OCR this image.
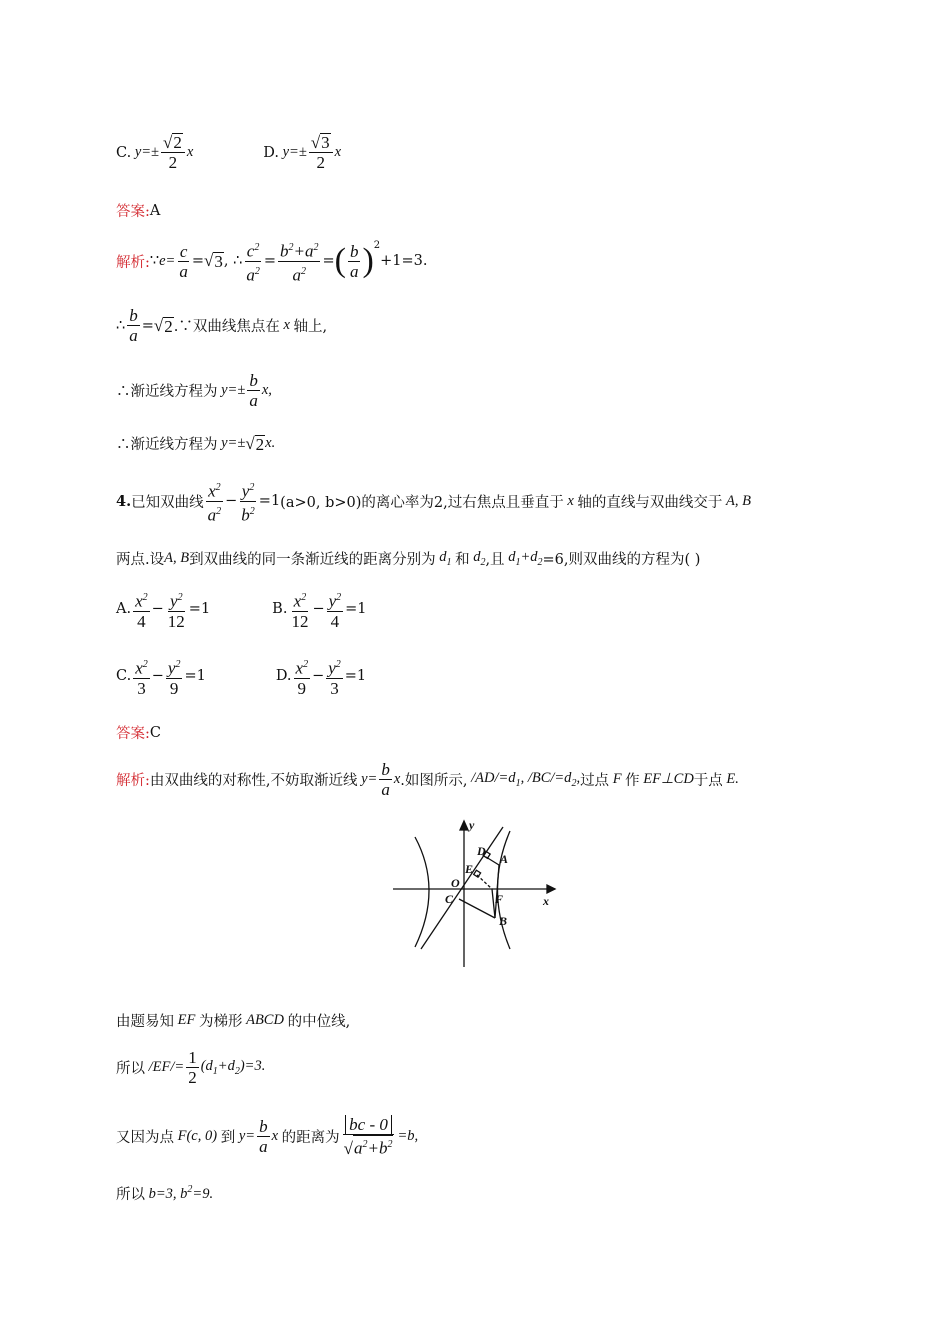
C. $y=\pm \frac{√ 2}{2}$ x	D. $y=\pm \frac{√ 3}{2}$ x
答案: A
解析: ∵ $e= \frac{c}{a}$ = √ 3 , ∴ $\frac{c^2}{a^2} = \frac{b^2+a^2}{a^2}$ = ( $\frac{b}{a} )^2$
+1=3.
∴ $\frac{b}{a}$ = √ 2 .∵双曲线焦点在 x 轴上,
∴渐近线方程为 $y=\pm \frac{b}{a} x$,
∴渐近线方程为 y=± √ 2 x.
4. 已知双曲线 $\frac{x^2}{a^2} - \frac{y^2}{b^2} =1$ (a>0, b>0)的离心率为2,过右焦点且垂直于 x 轴的直线与双曲线交于 A, B
两点.设 A, B 到双曲线的同一条渐近线的距离分别为 $d_1$ 和 $d_2$ ,且 $d_1+d_2 =6$,则双曲线的方程为( )
A. $\frac{x^2}{4} - \frac{y^2}{12} =1$	B. $\frac{x^2}{12} - \frac{y^2}{4} =1$
C. $\frac{x^2}{3} - \frac{y^2}{9} =1$	D. $\frac{x^2}{9} - \frac{y^2}{3} =1$
答案: C
解析: 由双曲线的对称性,不妨取渐近线 $y= \frac{b}{a}$ x .如图所示, $/AD/=d_1$, $/BC/=d_2$, 过点 F 作 EF⊥CD 于点 E.
y
x
O
D
A
E
F
C
B
由题易知 EF 为梯形 ABCD 的中位线,
所以 $/EF/= \frac{1}{2} (d_1+d_2)=3$.
又因为点 F(c, 0) 到 $y= \frac{b}{a}$ x 的距离为 $\frac{bc - 0}{√ a^2+b^2} =b$,
所以 b=3, $b^2=9$.
